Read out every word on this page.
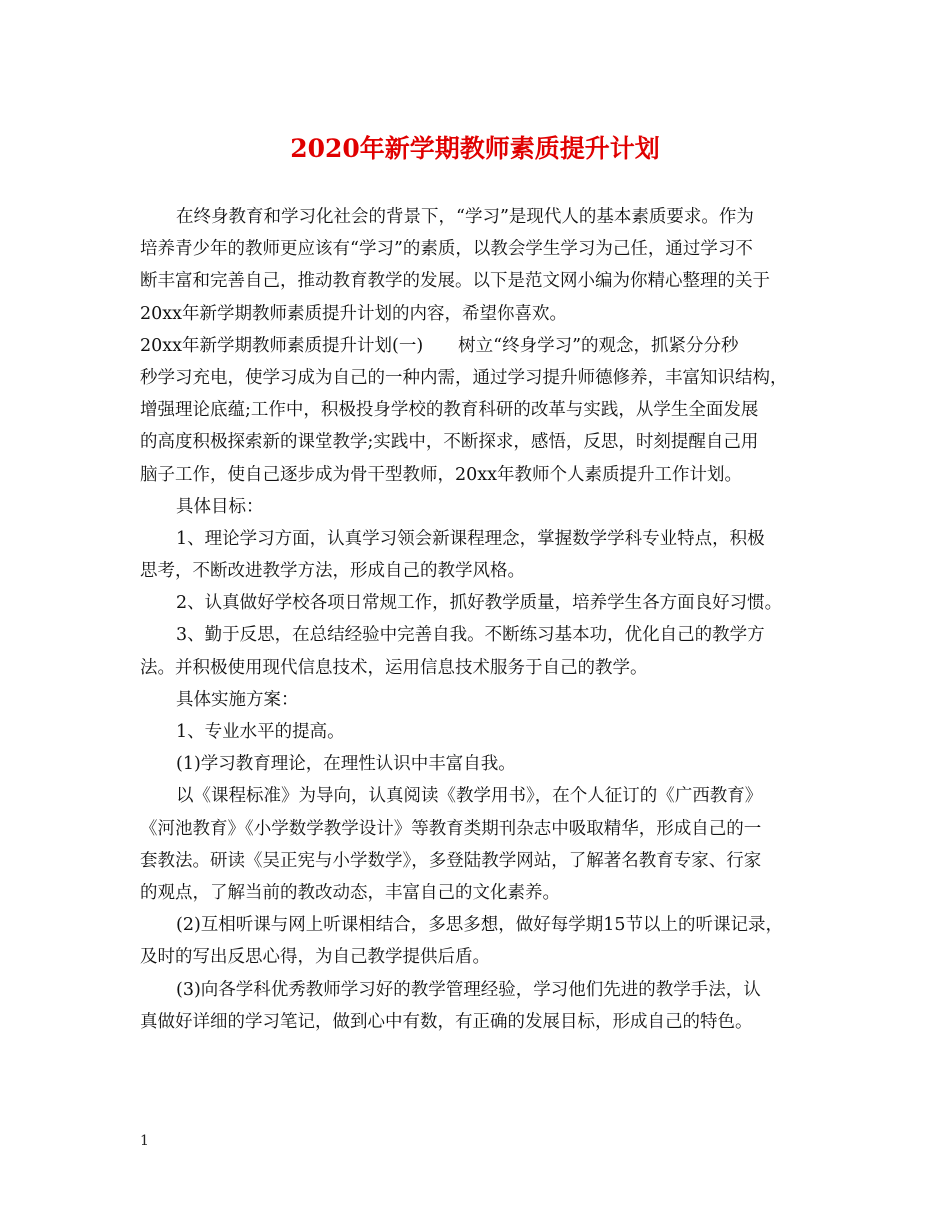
2020年新学期教师素质提升计划
在终身教育和学习化社会的背景下，“学习”是现代人的基本素质要求。作为
培养青少年的教师更应该有“学习”的素质，以教会学生学习为己任，通过学习不
断丰富和完善自己，推动教育教学的发展。以下是范文网小编为你精心整理的关于
20xx年新学期教师素质提升计划的内容，希望你喜欢。
20xx年新学期教师素质提升计划(一)　　树立“终身学习”的观念，抓紧分分秒
秒学习充电，使学习成为自己的一种内需，通过学习提升师德修养，丰富知识结构，
增强理论底蕴;工作中，积极投身学校的教育科研的改革与实践，从学生全面发展
的高度积极探索新的课堂教学;实践中，不断探求，感悟，反思，时刻提醒自己用
脑子工作，使自己逐步成为骨干型教师，20xx年教师个人素质提升工作计划。
具体目标：
1、理论学习方面，认真学习领会新课程理念，掌握数学学科专业特点，积极
思考，不断改进教学方法，形成自己的教学风格。
2、认真做好学校各项日常规工作，抓好教学质量，培养学生各方面良好习惯。
3、勤于反思，在总结经验中完善自我。不断练习基本功，优化自己的教学方
法。并积极使用现代信息技术，运用信息技术服务于自己的教学。
具体实施方案：
1、专业水平的提高。
(1)学习教育理论，在理性认识中丰富自我。
以《课程标准》为导向，认真阅读《教学用书》，在个人征订的《广西教育》
《河池教育》《小学数学教学设计》等教育类期刊杂志中吸取精华，形成自己的一
套教法。研读《吴正宪与小学数学》，多登陆教学网站，了解著名教育专家、行家
的观点，了解当前的教改动态，丰富自己的文化素养。
(2)互相听课与网上听课相结合，多思多想，做好每学期15节以上的听课记录，
及时的写出反思心得，为自己教学提供后盾。
(3)向各学科优秀教师学习好的教学管理经验，学习他们先进的教学手法，认
真做好详细的学习笔记，做到心中有数，有正确的发展目标，形成自己的特色。
1
